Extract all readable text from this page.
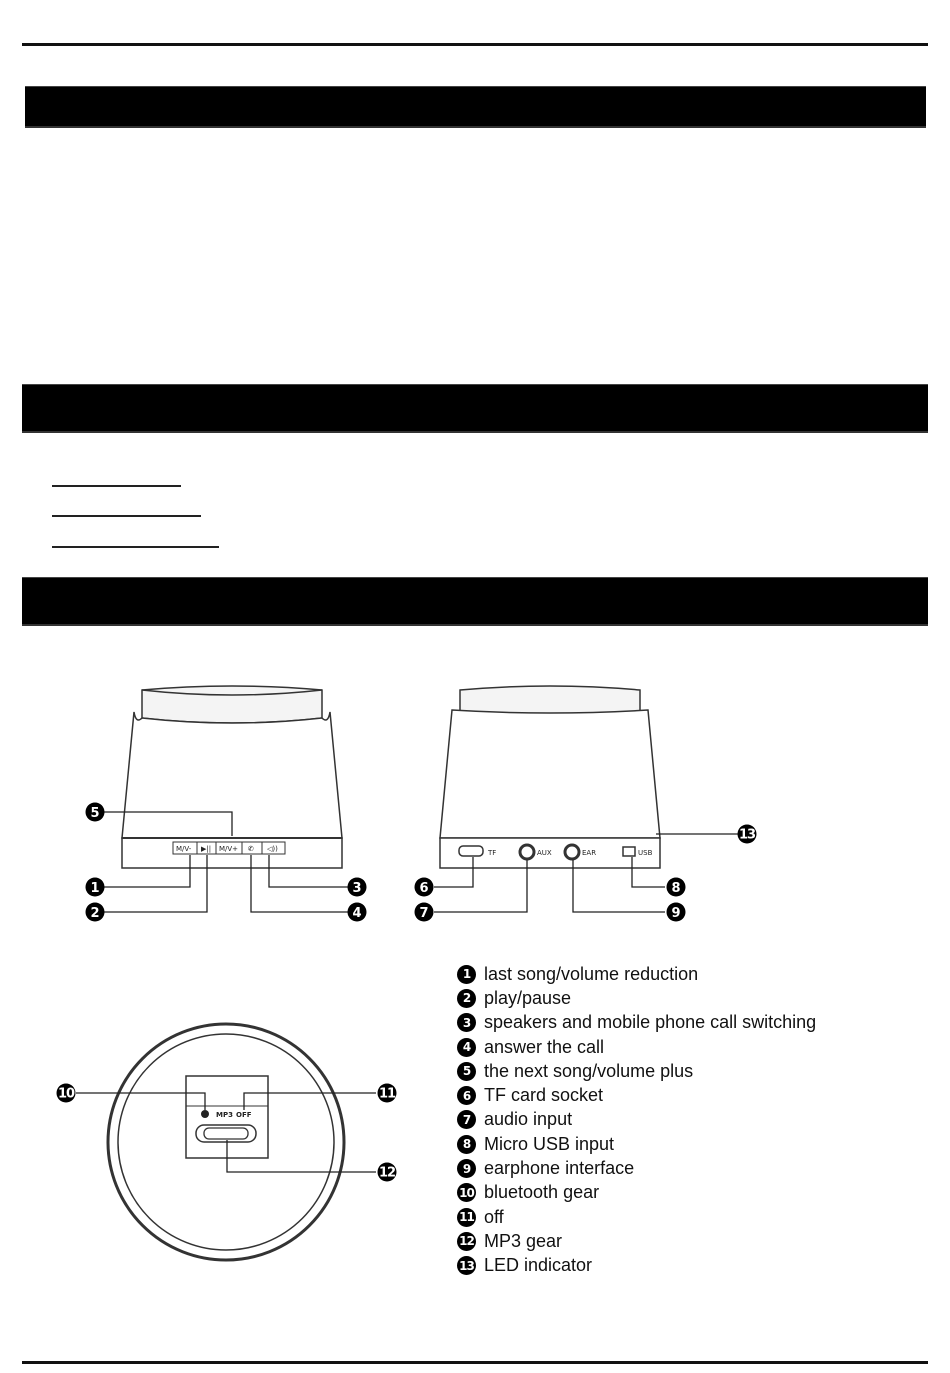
M/V- ▶|| M/V+ ✆ ◁))	TF	AUX	EAR	USB
MP3 OFF
5
1
2
3
4
6
7
8
9
13
10	11
12
1 last song/volume reduction
2 play/pause
3 speakers and mobile phone call switching
4 answer the call
5 the next song/volume plus
6 TF card socket
7 audio input
8 Micro USB input
9 earphone interface
10 bluetooth gear
11 off
12 MP3 gear
13 LED indicator
